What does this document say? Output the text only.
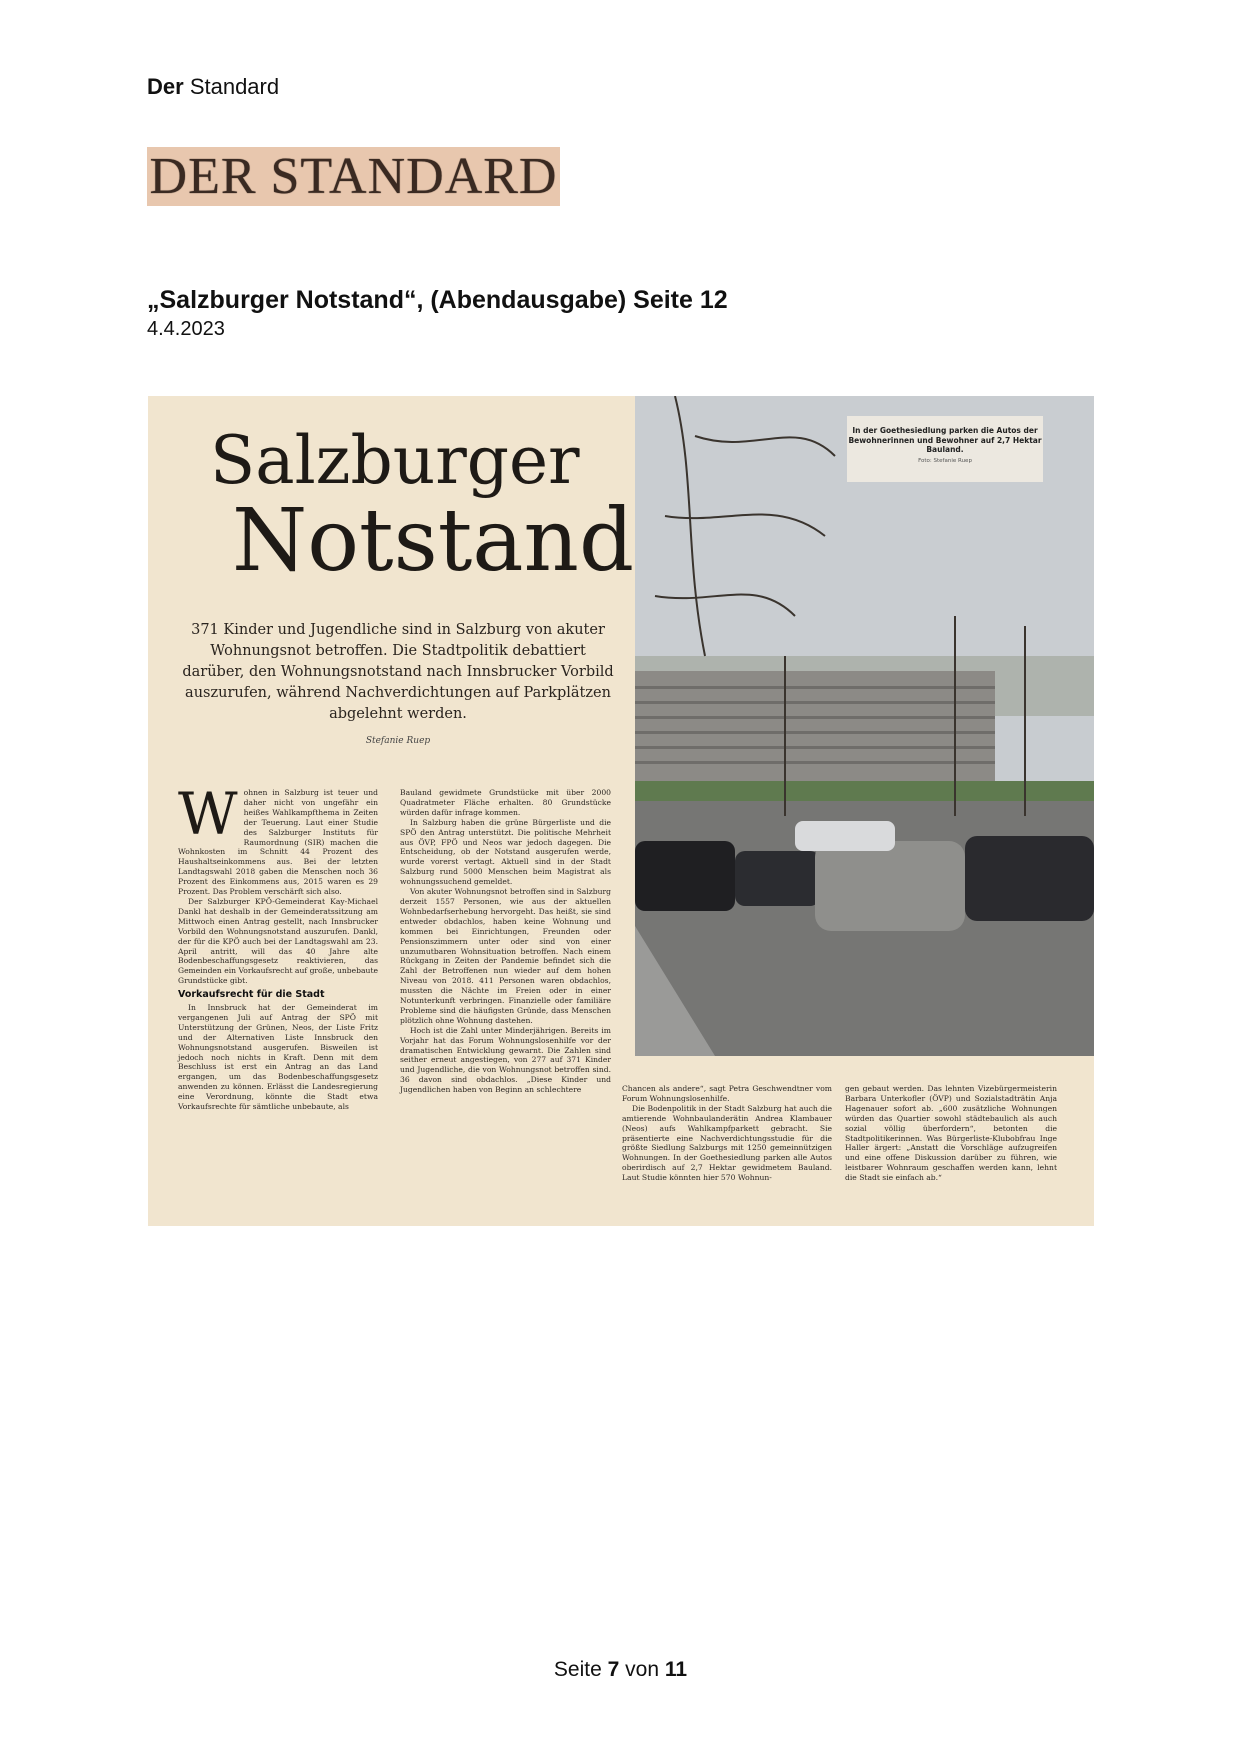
Der Standard
DER STANDARD
„Salzburger Notstand“, (Abendausgabe) Seite 12
4.4.2023
Salzburger
Notstand
371 Kinder und Jugendliche sind in Salzburg von akuter Wohnungsnot betroffen. Die Stadtpolitik debattiert darüber, den Wohnungsnotstand nach Innsbrucker Vorbild auszurufen, während Nachverdichtungen auf Parkplätzen abgelehnt werden.
Stefanie Ruep

Wohnen in Salzburg ist teuer und daher nicht von ungefähr ein heißes Wahlkampfthema in Zeiten der Teuerung. Laut einer Studie des Salzburger Instituts für Raumordnung (SIR) machen die Wohnkosten im Schnitt 44 Prozent des Haushaltseinkommens aus. Bei der letzten Landtagswahl 2018 gaben die Menschen noch 36 Prozent des Einkommens aus, 2015 waren es 29 Prozent. Das Problem verschärft sich also.

Der Salzburger KPÖ-Gemeinderat Kay-Michael Dankl hat deshalb in der Gemeinderatssitzung am Mittwoch einen Antrag gestellt, nach Innsbrucker Vorbild den Wohnungsnotstand auszurufen. Dankl, der für die KPÖ auch bei der Landtagswahl am 23. April antritt, will das 40 Jahre alte Bodenbeschaffungsgesetz reaktivieren, das Gemeinden ein Vorkaufsrecht auf große, unbebaute Grundstücke gibt.

Vorkaufsrecht für die Stadt

In Innsbruck hat der Gemeinderat im vergangenen Juli auf Antrag der SPÖ mit Unterstützung der Grünen, Neos, der Liste Fritz und der Alternativen Liste Innsbruck den Wohnungsnotstand ausgerufen. Bisweilen ist jedoch noch nichts in Kraft. Denn mit dem Beschluss ist erst ein Antrag an das Land ergangen, um das Bodenbeschaffungsgesetz anwenden zu können. Erlässt die Landesregierung eine Verordnung, könnte die Stadt etwa Vorkaufsrechte für sämtliche unbebaute, als

Bauland gewidmete Grundstücke mit über 2000 Quadratmeter Fläche erhalten. 80 Grundstücke würden dafür infrage kommen.

In Salzburg haben die grüne Bürgerliste und die SPÖ den Antrag unterstützt. Die politische Mehrheit aus ÖVP, FPÖ und Neos war jedoch dagegen. Die Entscheidung, ob der Notstand ausgerufen werde, wurde vorerst vertagt. Aktuell sind in der Stadt Salzburg rund 5000 Menschen beim Magistrat als wohnungssuchend gemeldet.

Von akuter Wohnungsnot betroffen sind in Salzburg derzeit 1557 Personen, wie aus der aktuellen Wohnbedarfserhebung hervorgeht. Das heißt, sie sind entweder obdachlos, haben keine Wohnung und kommen bei Einrichtungen, Freunden oder Pensionszimmern unter oder sind von einer unzumutbaren Wohnsituation betroffen. Nach einem Rückgang in Zeiten der Pandemie befindet sich die Zahl der Betroffenen nun wieder auf dem hohen Niveau von 2018. 411 Personen waren obdachlos, mussten die Nächte im Freien oder in einer Notunterkunft verbringen. Finanzielle oder familiäre Probleme sind die häufigsten Gründe, dass Menschen plötzlich ohne Wohnung dastehen.

Hoch ist die Zahl unter Minderjährigen. Bereits im Vorjahr hat das Forum Wohnungslosenhilfe vor der dramatischen Entwicklung gewarnt. Die Zahlen sind seither erneut angestiegen, von 277 auf 371 Kinder und Jugendliche, die von Wohnungsnot betroffen sind. 36 davon sind obdachlos. „Diese Kinder und Jugendlichen haben von Beginn an schlechtere	Chancen als andere“, sagt Petra Geschwendtner vom Forum Wohnungslosenhilfe.

Die Bodenpolitik in der Stadt Salzburg hat auch die amtierende Wohnbaulanderätin Andrea Klambauer (Neos) aufs Wahlkampfparkett gebracht. Sie präsentierte eine Nachverdichtungsstudie für die größte Siedlung Salzburgs mit 1250 gemeinnützigen Wohnungen. In der Goethesiedlung parken alle Autos oberirdisch auf 2,7 Hektar gewidmetem Bauland. Laut Studie könnten hier 570 Wohnun-

gen gebaut werden. Das lehnten Vizebürgermeisterin Barbara Unterkofler (ÖVP) und Sozialstadträtin Anja Hagenauer sofort ab. „600 zusätzliche Wohnungen würden das Quartier sowohl städtebaulich als auch sozial völlig überfordern“, betonten die Stadtpolitikerinnen. Was Bürgerliste-Klubobfrau Inge Haller ärgert: „Anstatt die Vorschläge aufzugreifen und eine offene Diskussion darüber zu führen, wie leistbarer Wohnraum geschaffen werden kann, lehnt die Stadt sie einfach ab.“

In der Goethesiedlung parken die Autos der Bewohnerinnen und Bewohner auf 2,7 Hektar Bauland.
Foto: Stefanie Ruep
Seite 7 von 11
